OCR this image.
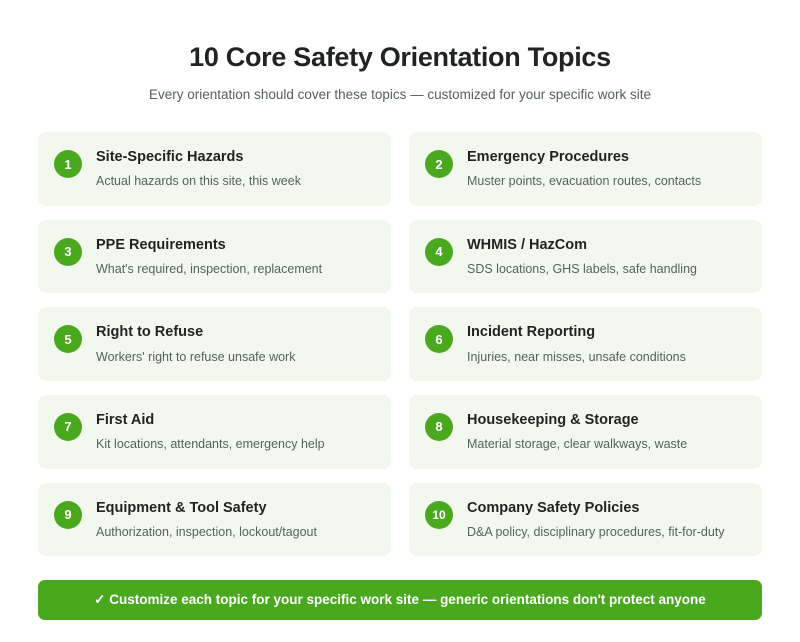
10 Core Safety Orientation Topics

Every orientation should cover these topics — customized for your specific work site

1	Site-Specific Hazards
Actual hazards on this site, this week
2	Emergency Procedures
Muster points, evacuation routes, contacts
3	PPE Requirements
What's required, inspection, replacement
4	WHMIS / HazCom
SDS locations, GHS labels, safe handling
5	Right to Refuse
Workers' right to refuse unsafe work
6	Incident Reporting
Injuries, near misses, unsafe conditions
7	First Aid
Kit locations, attendants, emergency help
8	Housekeeping & Storage
Material storage, clear walkways, waste
9	Equipment & Tool Safety
Authorization, inspection, lockout/tagout
10	Company Safety Policies
D&A policy, disciplinary procedures, fit-for-duty
✓ Customize each topic for your specific work site — generic orientations don't protect anyone
